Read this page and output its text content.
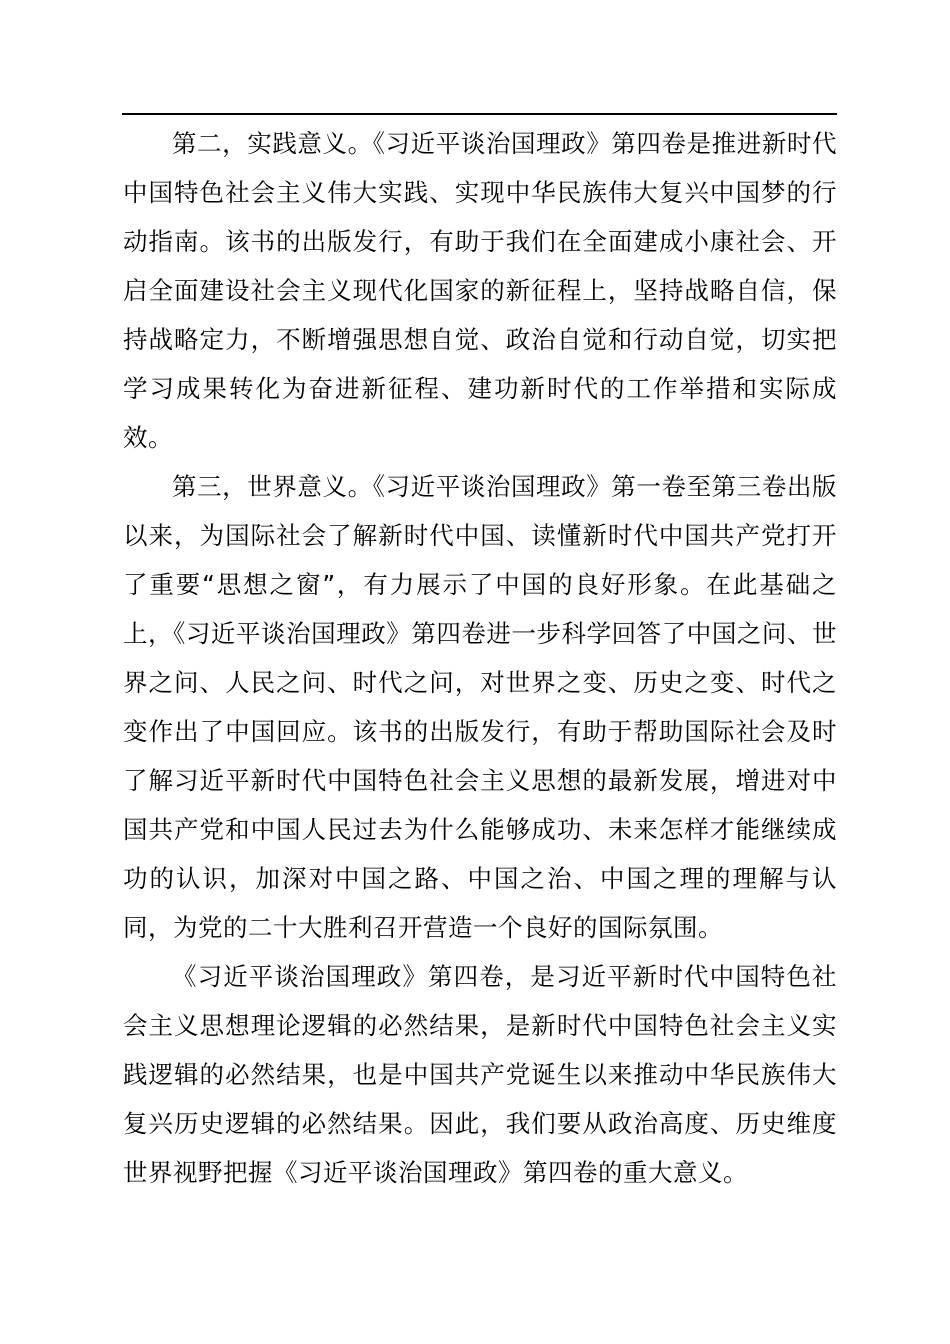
第二，实践意义。《习近平谈治国理政》第四卷是推进新时代中国特色社会主义伟大实践、实现中华民族伟大复兴中国梦的行动指南。该书的出版发行，有助于我们在全面建成小康社会、开启全面建设社会主义现代化国家的新征程上，坚持战略自信，保持战略定力，不断增强思想自觉、政治自觉和行动自觉，切实把学习成果转化为奋进新征程、建功新时代的工作举措和实际成效。

第三，世界意义。《习近平谈治国理政》第一卷至第三卷出版以来，为国际社会了解新时代中国、读懂新时代中国共产党打开了重要“思想之窗”，有力展示了中国的良好形象。在此基础之上，《习近平谈治国理政》第四卷进一步科学回答了中国之问、世界之问、人民之问、时代之问，对世界之变、历史之变、时代之变作出了中国回应。该书的出版发行，有助于帮助国际社会及时了解习近平新时代中国特色社会主义思想的最新发展，增进对中国共产党和中国人民过去为什么能够成功、未来怎样才能继续成功的认识，加深对中国之路、中国之治、中国之理的理解与认同，为党的二十大胜利召开营造一个良好的国际氛围。

《习近平谈治国理政》第四卷，是习近平新时代中国特色社会主义思想理论逻辑的必然结果，是新时代中国特色社会主义实践逻辑的必然结果，也是中国共产党诞生以来推动中华民族伟大复兴历史逻辑的必然结果。因此，我们要从政治高度、历史维度世界视野把握《习近平谈治国理政》第四卷的重大意义。
